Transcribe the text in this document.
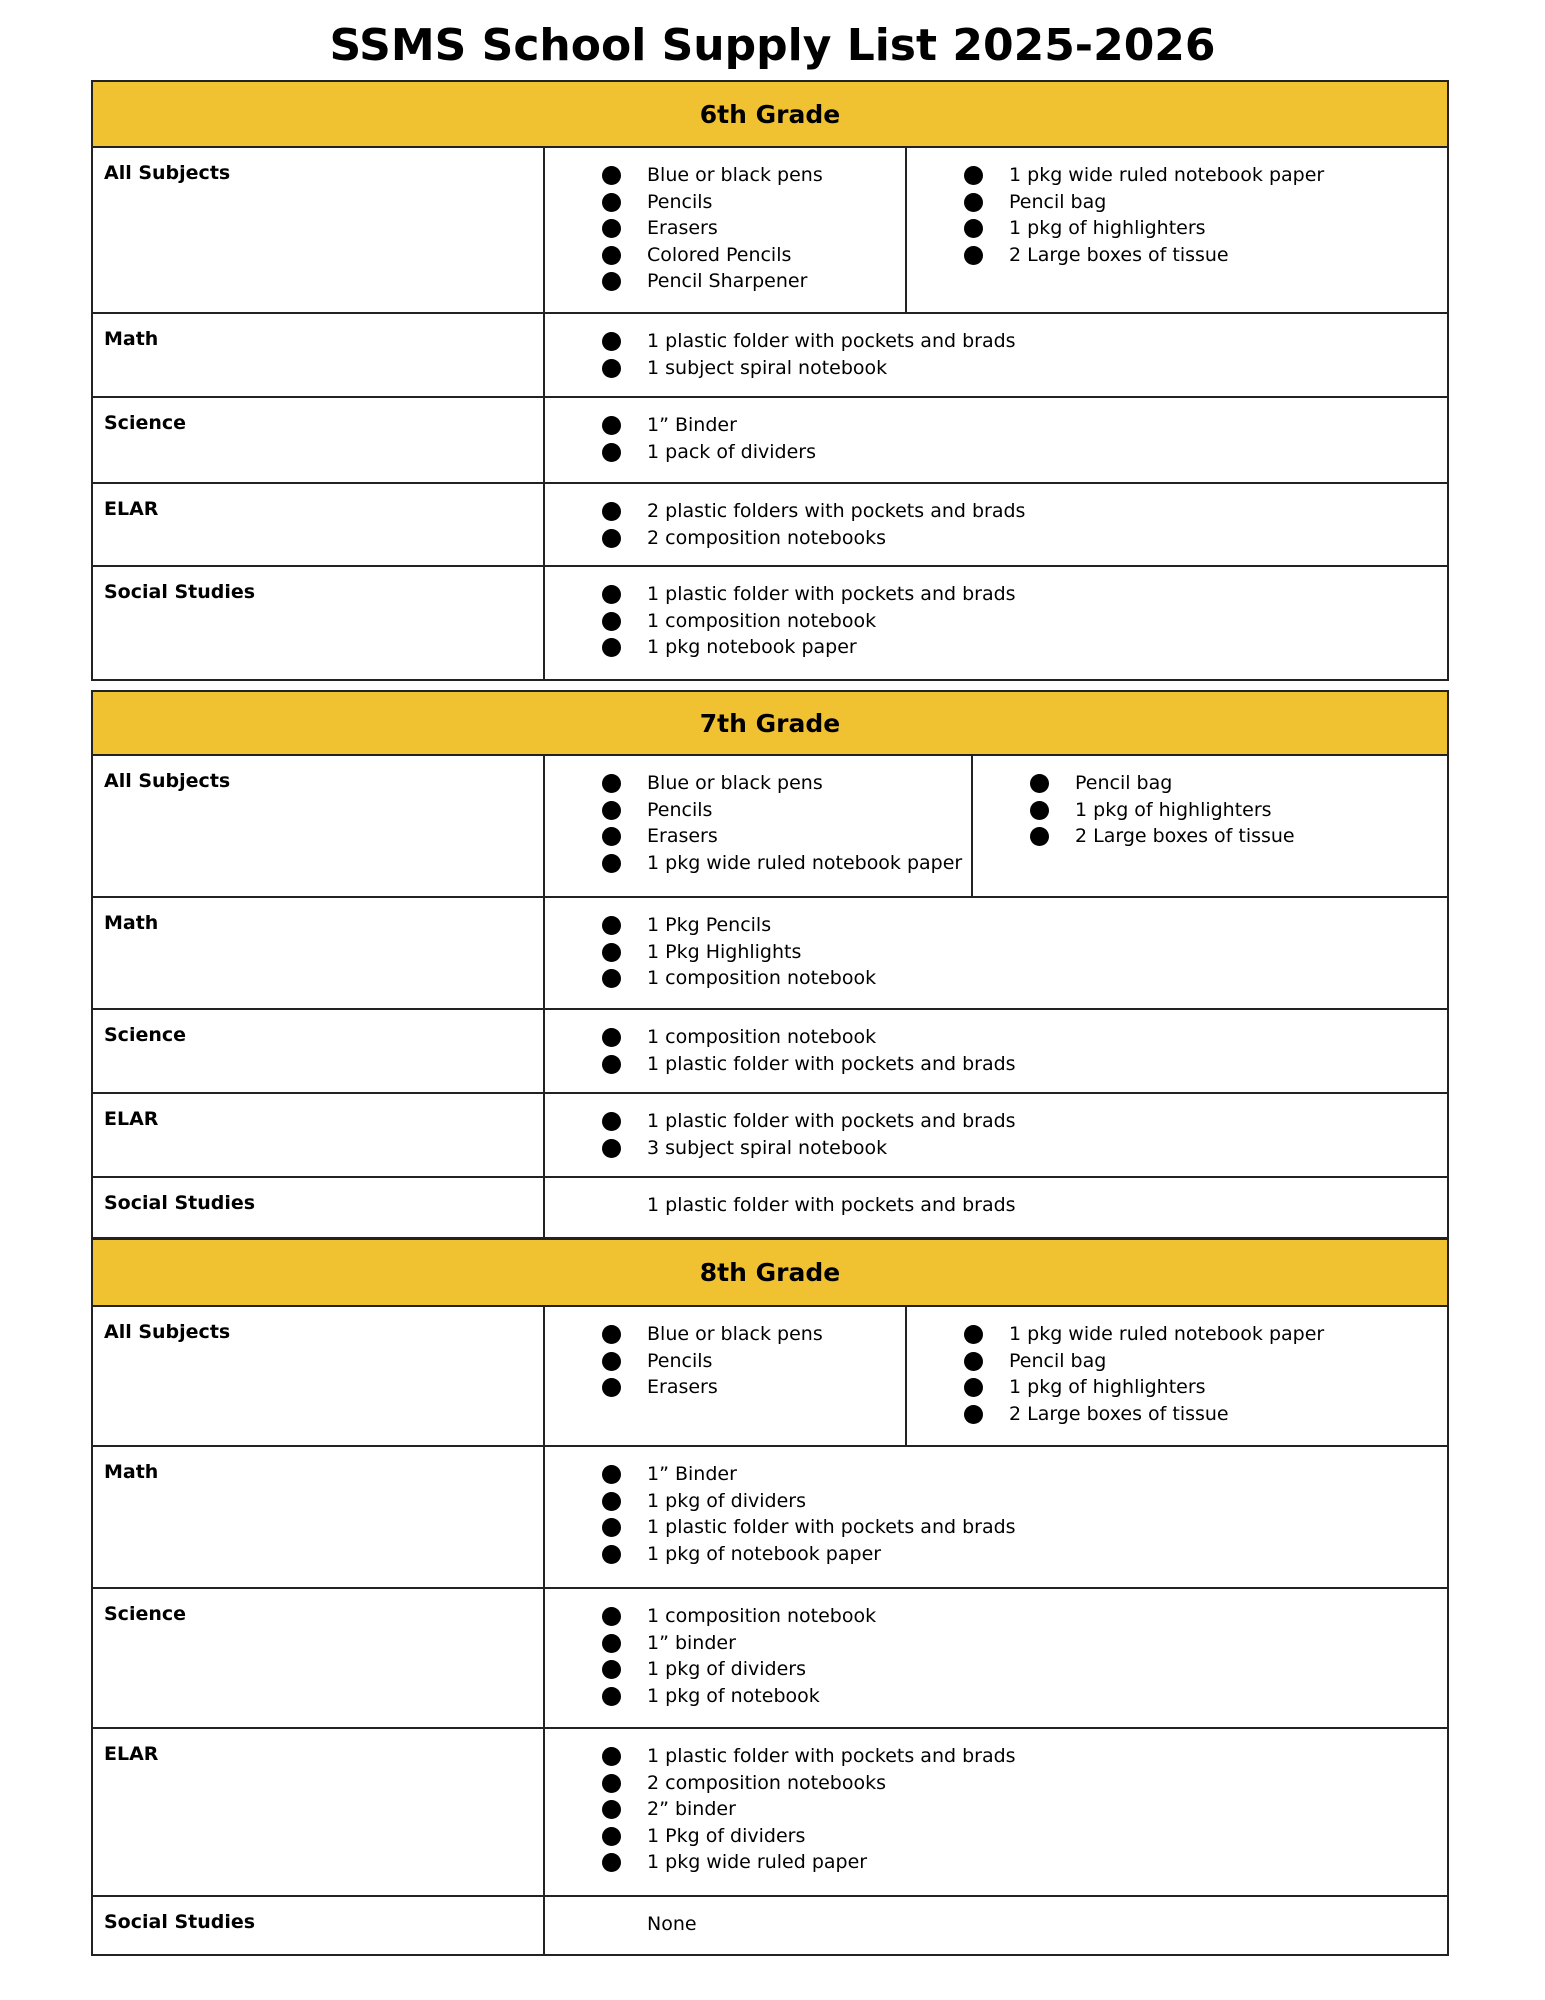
SSMS School Supply List 2025-2026
6th Grade
All Subjects	Blue or black pens
Pencils
Erasers
Colored Pencils
Pencil Sharpener
1 pkg wide ruled notebook paper
Pencil bag
1 pkg of highlighters
2 Large boxes of tissue
Math	1 plastic folder with pockets and brads
1 subject spiral notebook
Science	1” Binder
1 pack of dividers
ELAR	2 plastic folders with pockets and brads
2 composition notebooks
Social Studies	1 plastic folder with pockets and brads
1 composition notebook
1 pkg notebook paper
7th Grade
All Subjects	Blue or black pens
Pencils
Erasers
1 pkg wide ruled notebook paper
Pencil bag
1 pkg of highlighters
2 Large boxes of tissue
Math	1 Pkg Pencils
1 Pkg Highlights
1 composition notebook
Science	1 composition notebook
1 plastic folder with pockets and brads
ELAR	1 plastic folder with pockets and brads
3 subject spiral notebook
Social Studies	1 plastic folder with pockets and brads
8th Grade
All Subjects	Blue or black pens
Pencils
Erasers
1 pkg wide ruled notebook paper
Pencil bag
1 pkg of highlighters
2 Large boxes of tissue
Math	1” Binder
1 pkg of dividers
1 plastic folder with pockets and brads
1 pkg of notebook paper
Science	1 composition notebook
1” binder
1 pkg of dividers
1 pkg of notebook
ELAR	1 plastic folder with pockets and brads
2 composition notebooks
2” binder
1 Pkg of dividers
1 pkg wide ruled paper
Social Studies	None
